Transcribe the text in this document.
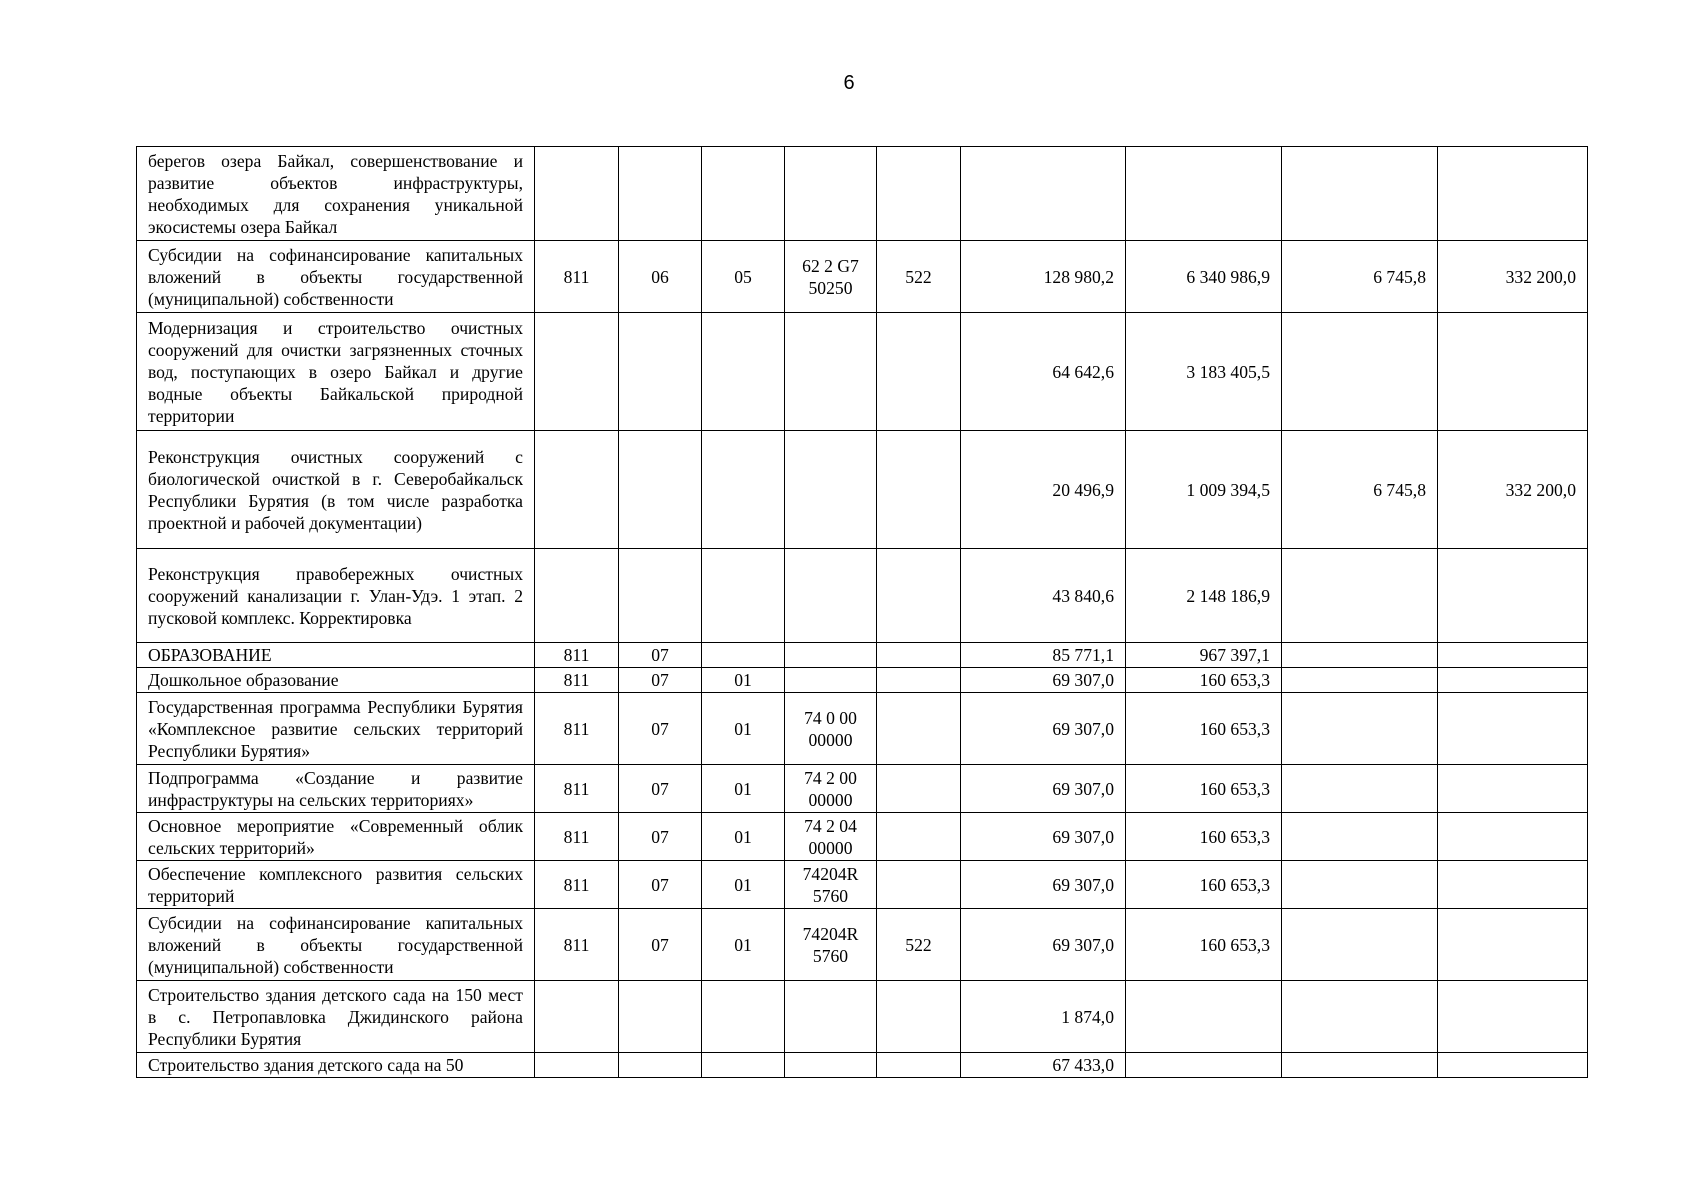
6
берегов озера Байкал, совершенствование и развитие объектов инфраструктуры, необходимых для сохранения уникальной экосистемы озера Байкал									
Субсидии на софинансирование капитальных вложений в объекты государственной (муниципальной) собственности	811	06	05	62 2 G7 50250	522	128 980,2	6 340 986,9	6 745,8	332 200,0
Модернизация и строительство очистных сооружений для очистки загрязненных сточных вод, поступающих в озеро Байкал и другие водные объекты Байкальской природной территории						64 642,6	3 183 405,5		
Реконструкция очистных сооружений с биологической очисткой в г. Северобайкальск Республики Бурятия (в том числе разработка проектной и рабочей документации)						20 496,9	1 009 394,5	6 745,8	332 200,0
Реконструкция правобережных очистных сооружений канализации г. Улан-Удэ. 1 этап. 2 пусковой комплекс. Корректировка						43 840,6	2 148 186,9		
ОБРАЗОВАНИЕ	811	07				85 771,1	967 397,1		
Дошкольное образование	811	07	01			69 307,0	160 653,3		
Государственная программа Республики Бурятия «Комплексное развитие сельских территорий Республики Бурятия»	811	07	01	74 0 00 00000		69 307,0	160 653,3		
Подпрограмма «Создание и развитие инфраструктуры на сельских территориях»	811	07	01	74 2 00 00000		69 307,0	160 653,3		
Основное мероприятие «Современный облик сельских территорий»	811	07	01	74 2 04 00000		69 307,0	160 653,3		
Обеспечение комплексного развития сельских территорий	811	07	01	74204R 5760		69 307,0	160 653,3		
Субсидии на софинансирование капитальных вложений в объекты государственной (муниципальной) собственности	811	07	01	74204R 5760	522	69 307,0	160 653,3		
Строительство здания детского сада на 150 мест в с. Петропавловка Джидинского района Республики Бурятия						1 874,0			
Строительство здания детского сада на 50						67 433,0			
